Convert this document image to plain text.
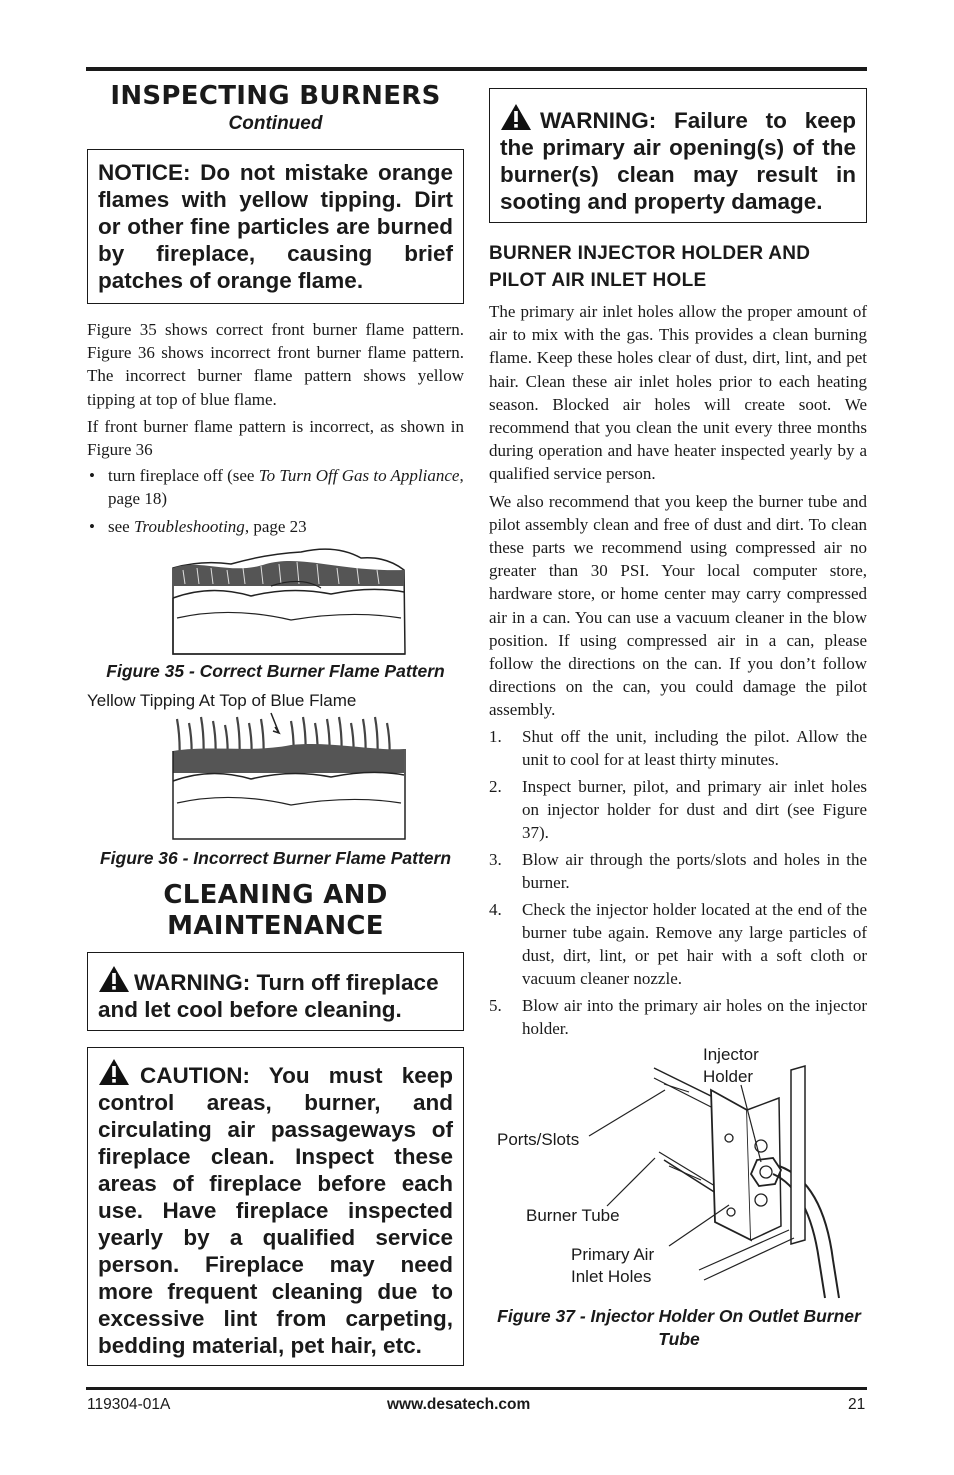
INSPECTING BURNERS
Continued
NOTICE: Do not mistake orange flames with yellow tipping. Dirt or other fine particles are burned by fireplace, causing brief patches of orange flame.

Figure 35 shows correct front burner flame pattern. Figure 36 shows incorrect front burner flame pattern. The incorrect burner flame pattern shows yellow tipping at top of blue flame.

If front burner flame pattern is incorrect, as shown in Figure 36

• turn fireplace off (see To Turn Off Gas to Appliance, page 18)
• see Troubleshooting, page 23
Figure 35 - Correct Burner Flame Pattern
Yellow Tipping At Top of Blue Flame
Figure 36 - Incorrect Burner Flame Pattern
CLEANING AND MAINTENANCE
WARNING: Turn off fireplace and let cool before cleaning.
CAUTION: You must keep control areas, burner, and circulating air passageways of fireplace clean. Inspect these areas of fireplace before each use. Have fireplace inspected yearly by a qualified service person. Fireplace may need more frequent cleaning due to excessive lint from carpeting, bedding material, pet hair, etc.
WARNING: Failure to keep the primary air opening(s) of the burner(s) clean may result in sooting and property damage.
BURNER INJECTOR HOLDER AND PILOT AIR INLET HOLE

The primary air inlet holes allow the proper amount of air to mix with the gas. This provides a clean burning flame. Keep these holes clear of dust, dirt, lint, and pet hair. Clean these air inlet holes prior to each heating season. Blocked air holes will create soot. We recommend that you clean the unit every three months during operation and have heater inspected yearly by a qualified service person.

We also recommend that you keep the burner tube and pilot assembly clean and free of dust and dirt. To clean these parts we recommend using compressed air no greater than 30 PSI. Your local computer store, hardware store, or home center may carry compressed air in a can. You can use a vacuum cleaner in the blow position. If using compressed air in a can, please follow the directions on the can. If you don’t follow directions on the can, you could damage the pilot assembly.

1. Shut off the unit, including the pilot. Allow the unit to cool for at least thirty minutes.
2. Inspect burner, pilot, and primary air inlet holes on injector holder for dust and dirt (see Figure 37).
3. Blow air through the ports/slots and holes in the burner.
4. Check the injector holder located at the end of the burner tube again. Remove any large particles of dust, dirt, lint, or pet hair with a soft cloth or vacuum cleaner nozzle.
5. Blow air into the primary air holes on the injector holder.
Injector
Holder
Ports/Slots
Burner Tube
Primary Air
Inlet Holes
Figure 37 - Injector Holder On Outlet Burner Tube
119304-01A	www.desatech.com	21
